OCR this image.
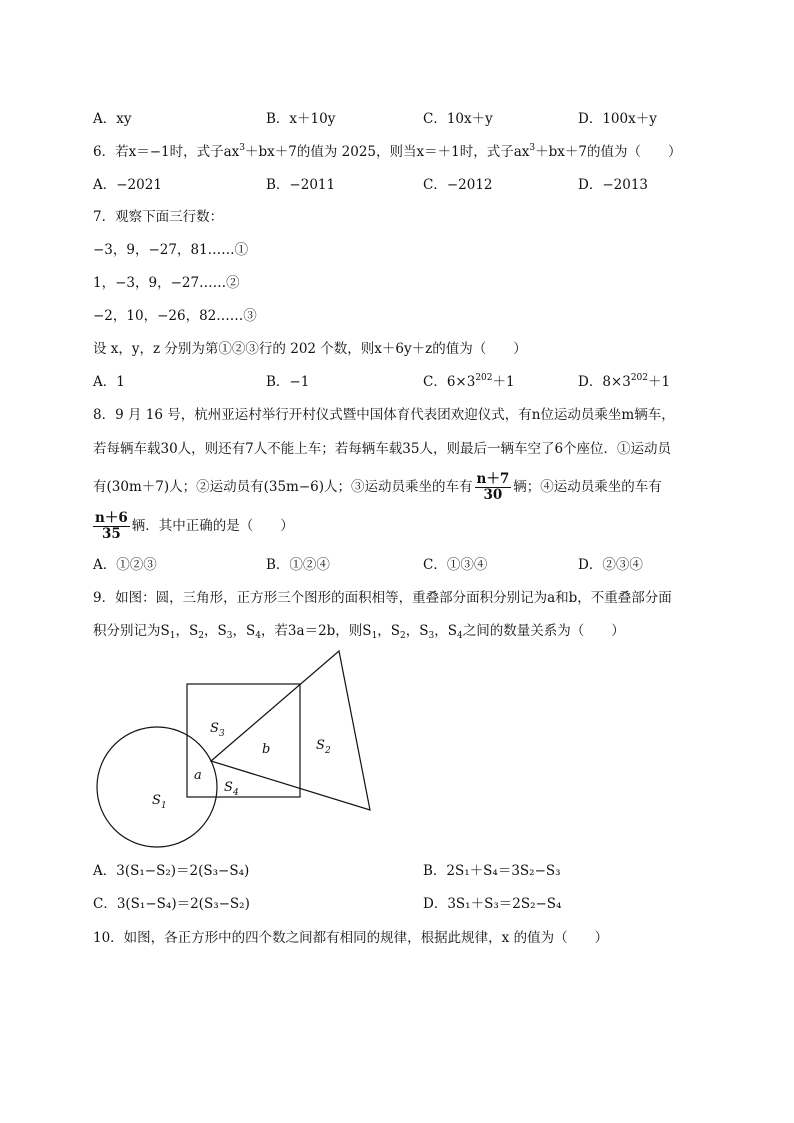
A．xy	B．x＋10y	C．10x＋y	D．100x＋y
6．若x＝−1时，式子$ax^3+bx+7$的值为 2025，则当x＝＋1时，式子$ax^3+bx+7$的值为（　　）
A．−2021	B．−2011	C．−2012	D．−2013
7．观察下面三行数：
−3，9，−27，81……①
1，−3，9，−27……②
−2，10，−26，82……③
设 x，y，z 分别为第①②③行的 202 个数，则x＋6y＋z的值为（　　）
A．1	B．−1	C．$6\times 3^{202}+1$	D．$8\times 3^{202}+1$
8．9 月 16 号，杭州亚运村举行开村仪式暨中国体育代表团欢迎仪式，有n位运动员乘坐m辆车，
若每辆车载30人，则还有7人不能上车；若每辆车载35人，则最后一辆车空了6个座位．①运动员
有(30m＋7)人；②运动员有(35m−6)人；③运动员乘坐的车有 $\frac{n+7}{30}$ 辆；④运动员乘坐的车有
$\frac{n+6}{35}$ 辆．其中正确的是（　　）
A．①②③	B．①②④	C．①③④	D．②③④
9．如图：圆，三角形，正方形三个图形的面积相等，重叠部分面积分别记为a和b，不重叠部分面
积分别记为$S_1$，$S_2$，$S_3$，$S_4$，若3a＝2b，则$S_1$，$S_2$，$S_3$，$S_4$之间的数量关系为（　　）
S 3
b	S 2
a
S 4
S 1
A．3(S₁−S₂)＝2(S₃−S₄)	B．2S₁＋S₄＝3S₂−S₃
C．3(S₁−S₄)＝2(S₃−S₂)	D．3S₁＋S₃＝2S₂−S₄
10．如图，各正方形中的四个数之间都有相同的规律，根据此规律，x 的值为（　　）
